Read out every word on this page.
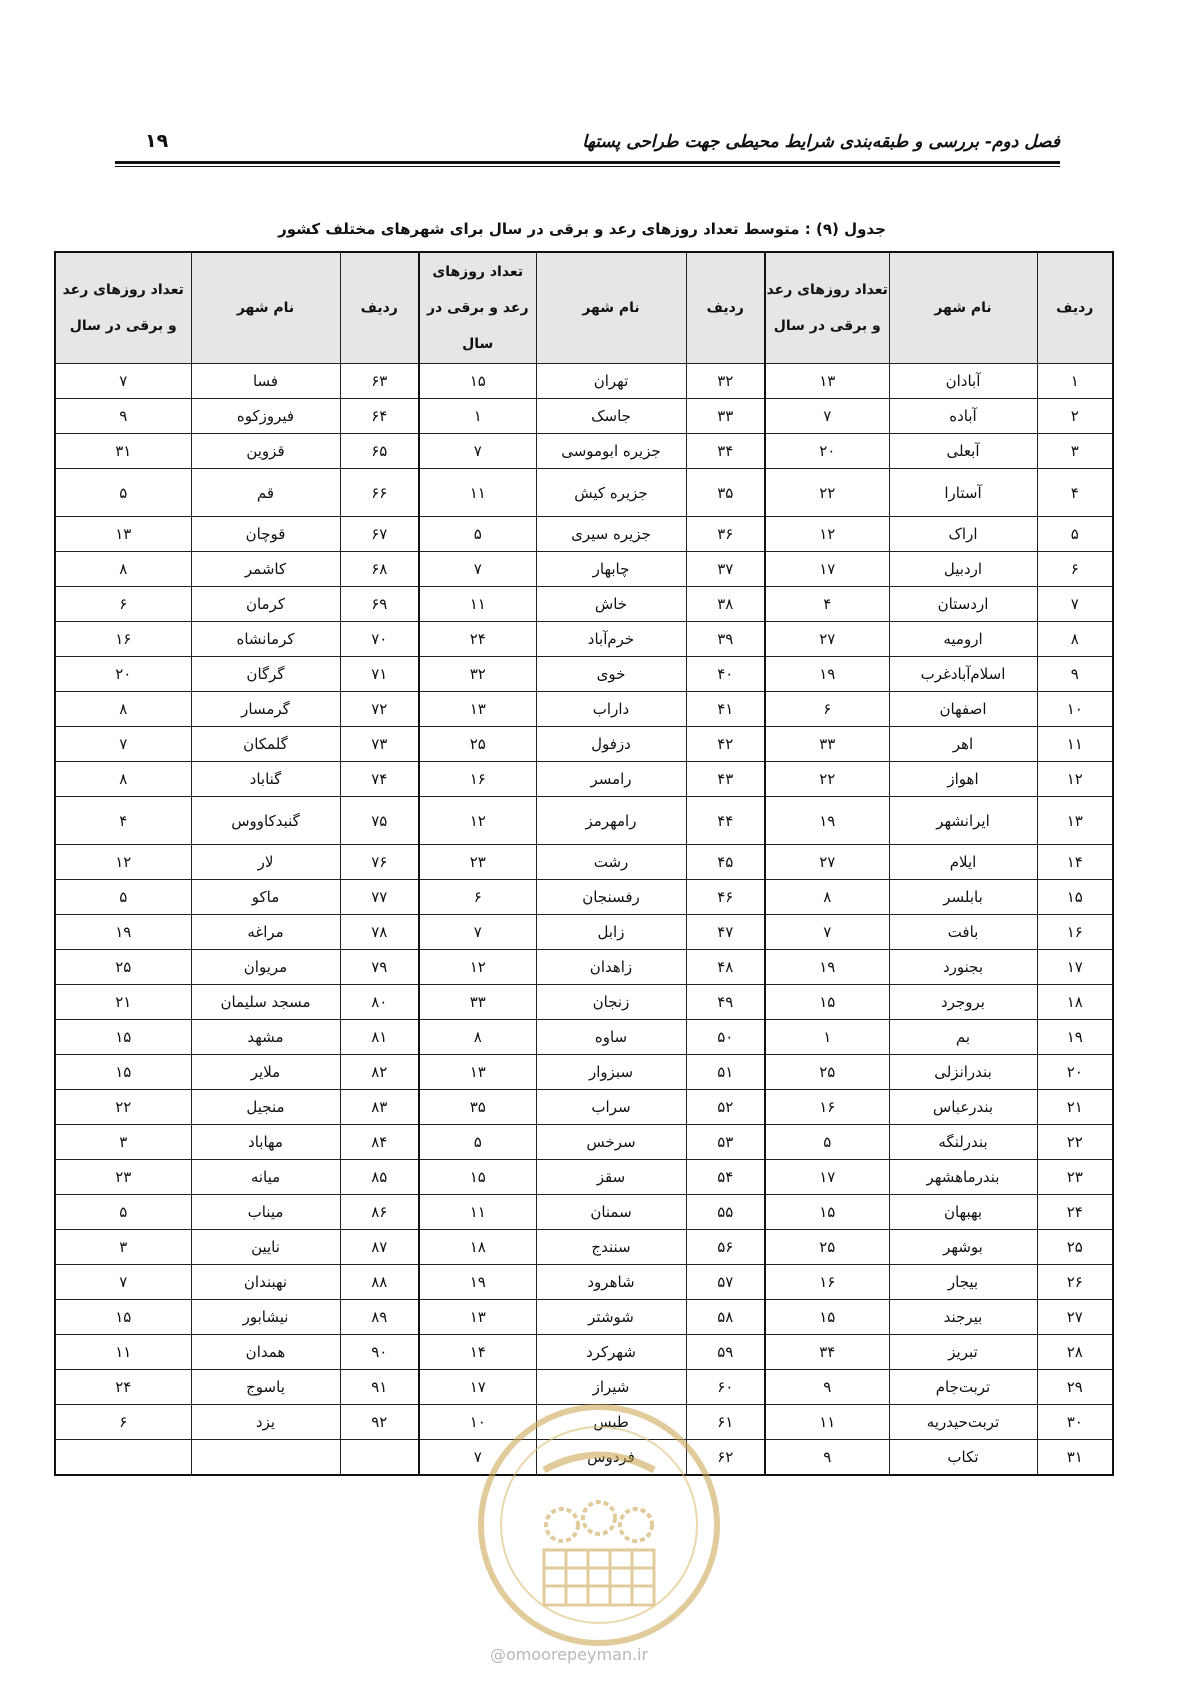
فصل دوم- بررسی و طبقه‌بندی شرایط محیطی جهت طراحی پستها
۱۹
جدول (۹) : متوسط تعداد روزهای رعد و برقی در سال برای شهرهای مختلف کشور
ردیف	نام شهر	تعداد روزهای رعد و برقی در سال	ردیف	نام شهر	تعداد روزهای رعد و برقی در سال	ردیف	نام شهر	تعداد روزهای رعد و برقی در سال
۱	آبادان	۱۳	۳۲	تهران	۱۵	۶۳	فسا	۷
۲	آباده	۷	۳۳	جاسک	۱	۶۴	فیروزکوه	۹
۳	آبعلی	۲۰	۳۴	جزیره ابوموسی	۷	۶۵	قزوین	۳۱
۴	آستارا	۲۲	۳۵	جزیره کیش	۱۱	۶۶	قم	۵
۵	اراک	۱۲	۳۶	جزیره سیری	۵	۶۷	قوچان	۱۳
۶	اردبیل	۱۷	۳۷	چابهار	۷	۶۸	کاشمر	۸
۷	اردستان	۴	۳۸	خاش	۱۱	۶۹	کرمان	۶
۸	ارومیه	۲۷	۳۹	خرم‌آباد	۲۴	۷۰	کرمانشاه	۱۶
۹	اسلام‌آبادغرب	۱۹	۴۰	خوی	۳۲	۷۱	گرگان	۲۰
۱۰	اصفهان	۶	۴۱	داراب	۱۳	۷۲	گرمسار	۸
۱۱	اهر	۳۳	۴۲	دزفول	۲۵	۷۳	گلمکان	۷
۱۲	اهواز	۲۲	۴۳	رامسر	۱۶	۷۴	گناباد	۸
۱۳	ایرانشهر	۱۹	۴۴	رامهرمز	۱۲	۷۵	گنبدکاووس	۴
۱۴	ایلام	۲۷	۴۵	رشت	۲۳	۷۶	لار	۱۲
۱۵	بابلسر	۸	۴۶	رفسنجان	۶	۷۷	ماکو	۵
۱۶	بافت	۷	۴۷	زابل	۷	۷۸	مراغه	۱۹
۱۷	بجنورد	۱۹	۴۸	زاهدان	۱۲	۷۹	مریوان	۲۵
۱۸	بروجرد	۱۵	۴۹	زنجان	۳۳	۸۰	مسجد سلیمان	۲۱
۱۹	بم	۱	۵۰	ساوه	۸	۸۱	مشهد	۱۵
۲۰	بندرانزلی	۲۵	۵۱	سبزوار	۱۳	۸۲	ملایر	۱۵
۲۱	بندرعباس	۱۶	۵۲	سراب	۳۵	۸۳	منجیل	۲۲
۲۲	بندرلنگه	۵	۵۳	سرخس	۵	۸۴	مهاباد	۳
۲۳	بندرماهشهر	۱۷	۵۴	سقز	۱۵	۸۵	میانه	۲۳
۲۴	بهبهان	۱۵	۵۵	سمنان	۱۱	۸۶	میناب	۵
۲۵	بوشهر	۲۵	۵۶	سنندج	۱۸	۸۷	نایین	۳
۲۶	بیجار	۱۶	۵۷	شاهرود	۱۹	۸۸	نهبندان	۷
۲۷	بیرجند	۱۵	۵۸	شوشتر	۱۳	۸۹	نیشابور	۱۵
۲۸	تبریز	۳۴	۵۹	شهرکرد	۱۴	۹۰	همدان	۱۱
۲۹	تربت‌جام	۹	۶۰	شیراز	۱۷	۹۱	یاسوج	۲۴
۳۰	تربت‌حیدریه	۱۱	۶۱	طبس	۱۰	۹۲	یزد	۶
۳۱	تکاب	۹	۶۲	فردوس	۷			
@omoorepeyman.ir
